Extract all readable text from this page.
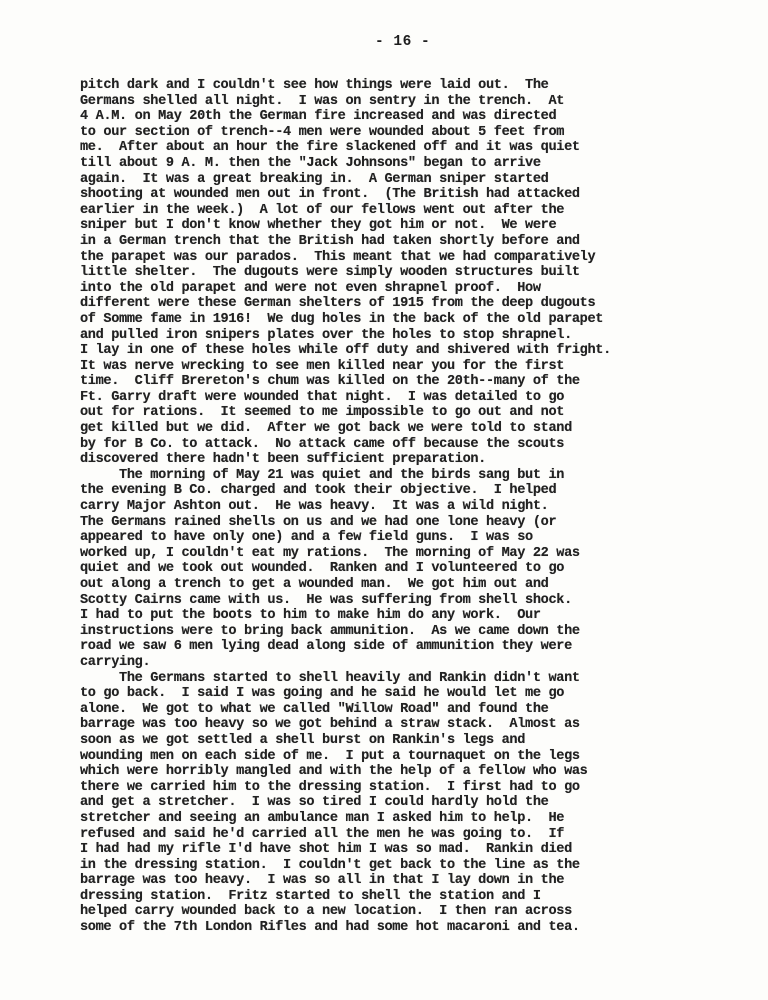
- 16 -
pitch dark and I couldn't see how things were laid out.  The
Germans shelled all night.  I was on sentry in the trench.  At
4 A.M. on May 20th the German fire increased and was directed
to our section of trench--4 men were wounded about 5 feet from
me.  After about an hour the fire slackened off and it was quiet
till about 9 A. M. then the "Jack Johnsons" began to arrive
again.  It was a great breaking in.  A German sniper started
shooting at wounded men out in front.  (The British had attacked
earlier in the week.)  A lot of our fellows went out after the
sniper but I don't know whether they got him or not.  We were
in a German trench that the British had taken shortly before and
the parapet was our parados.  This meant that we had comparatively
little shelter.  The dugouts were simply wooden structures built
into the old parapet and were not even shrapnel proof.  How
different were these German shelters of 1915 from the deep dugouts
of Somme fame in 1916!  We dug holes in the back of the old parapet
and pulled iron snipers plates over the holes to stop shrapnel.
I lay in one of these holes while off duty and shivered with fright.
It was nerve wrecking to see men killed near you for the first
time.  Cliff Brereton's chum was killed on the 20th--many of the
Ft. Garry draft were wounded that night.  I was detailed to go
out for rations.  It seemed to me impossible to go out and not
get killed but we did.  After we got back we were told to stand
by for B Co. to attack.  No attack came off because the scouts
discovered there hadn't been sufficient preparation.
The morning of May 21 was quiet and the birds sang but in
the evening B Co. charged and took their objective.  I helped
carry Major Ashton out.  He was heavy.  It was a wild night.
The Germans rained shells on us and we had one lone heavy (or
appeared to have only one) and a few field guns.  I was so
worked up, I couldn't eat my rations.  The morning of May 22 was
quiet and we took out wounded.  Ranken and I volunteered to go
out along a trench to get a wounded man.  We got him out and
Scotty Cairns came with us.  He was suffering from shell shock.
I had to put the boots to him to make him do any work.  Our
instructions were to bring back ammunition.  As we came down the
road we saw 6 men lying dead along side of ammunition they were
carrying.
The Germans started to shell heavily and Rankin didn't want
to go back.  I said I was going and he said he would let me go
alone.  We got to what we called "Willow Road" and found the
barrage was too heavy so we got behind a straw stack.  Almost as
soon as we got settled a shell burst on Rankin's legs and
wounding men on each side of me.  I put a tournaquet on the legs
which were horribly mangled and with the help of a fellow who was
there we carried him to the dressing station.  I first had to go
and get a stretcher.  I was so tired I could hardly hold the
stretcher and seeing an ambulance man I asked him to help.  He
refused and said he'd carried all the men he was going to.  If
I had had my rifle I'd have shot him I was so mad.  Rankin died
in the dressing station.  I couldn't get back to the line as the
barrage was too heavy.  I was so all in that I lay down in the
dressing station.  Fritz started to shell the station and I
helped carry wounded back to a new location.  I then ran across
some of the 7th London Rifles and had some hot macaroni and tea.
